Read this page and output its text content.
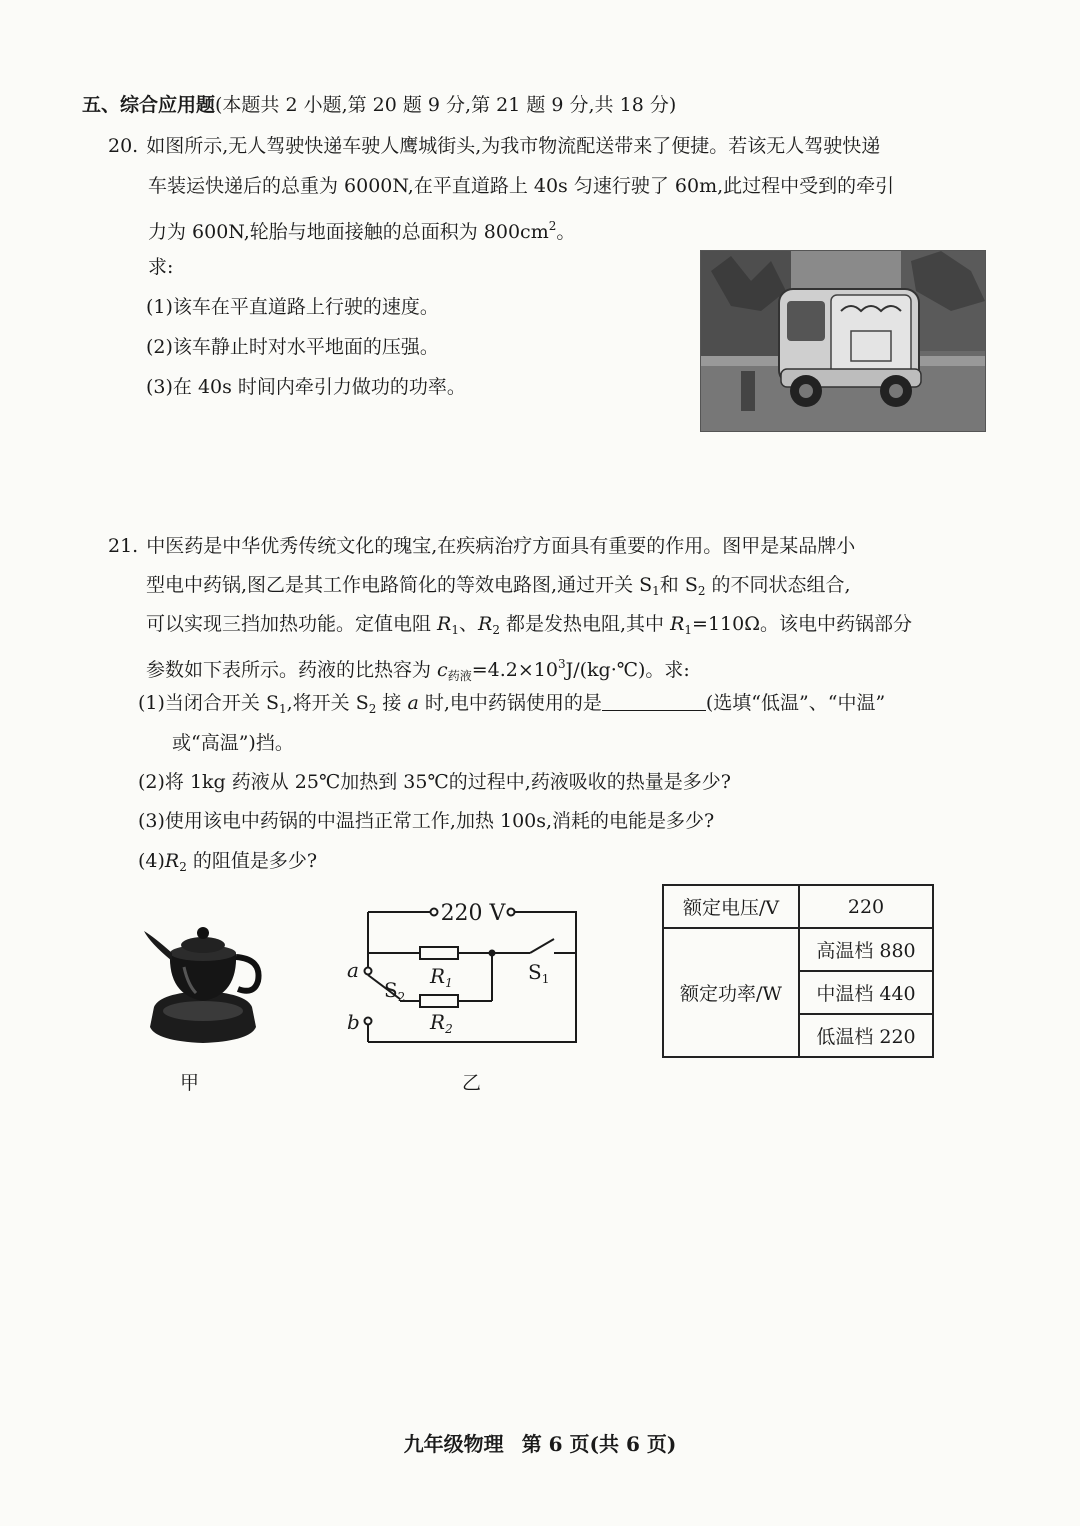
五、综合应用题(本题共 2 小题,第 20 题 9 分,第 21 题 9 分,共 18 分)
20. 如图所示,无人驾驶快递车驶人鹰城街头,为我市物流配送带来了便捷。若该无人驾驶快递
车装运快递后的总重为 6000N,在平直道路上 40s 匀速行驶了 60m,此过程中受到的牵引
力为 600N,轮胎与地面接触的总面积为 $800cm^2$。
求:
(1)该车在平直道路上行驶的速度。
(2)该车静止时对水平地面的压强。
(3)在 40s 时间内牵引力做功的功率。
21. 中医药是中华优秀传统文化的瑰宝,在疾病治疗方面具有重要的作用。图甲是某品牌小
型电中药锅,图乙是其工作电路简化的等效电路图,通过开关 $S_1$和 $S_2$ 的不同状态组合,
可以实现三挡加热功能。定值电阻 $R_1$、$R_2$ 都是发热电阻,其中 $R_1=110\Omega$。该电中药锅部分
参数如下表所示。药液的比热容为 $c_{药液}=4.2\times 10^3J/(kg\cdot℃)$。求:
(1)当闭合开关 $S_1$,将开关 $S_2$ 接 a 时,电中药锅使用的是	(选填“低温”、“中温”
或“高温”)挡。
(2)将 1kg 药液从 25℃加热到 35℃的过程中,药液吸收的热量是多少?
(3)使用该电中药锅的中温挡正常工作,加热 100s,消耗的电能是多少?
$(4)R_2$ 的阻值是多少?
甲
220 V
$R_1$
$R_2$
$S_1$
$S_2$
a
b
乙
额定电压/V	220
额定功率/W	高温档 880
	中温档 440
	低温档 220
九年级物理 第 6 页(共 6 页)
